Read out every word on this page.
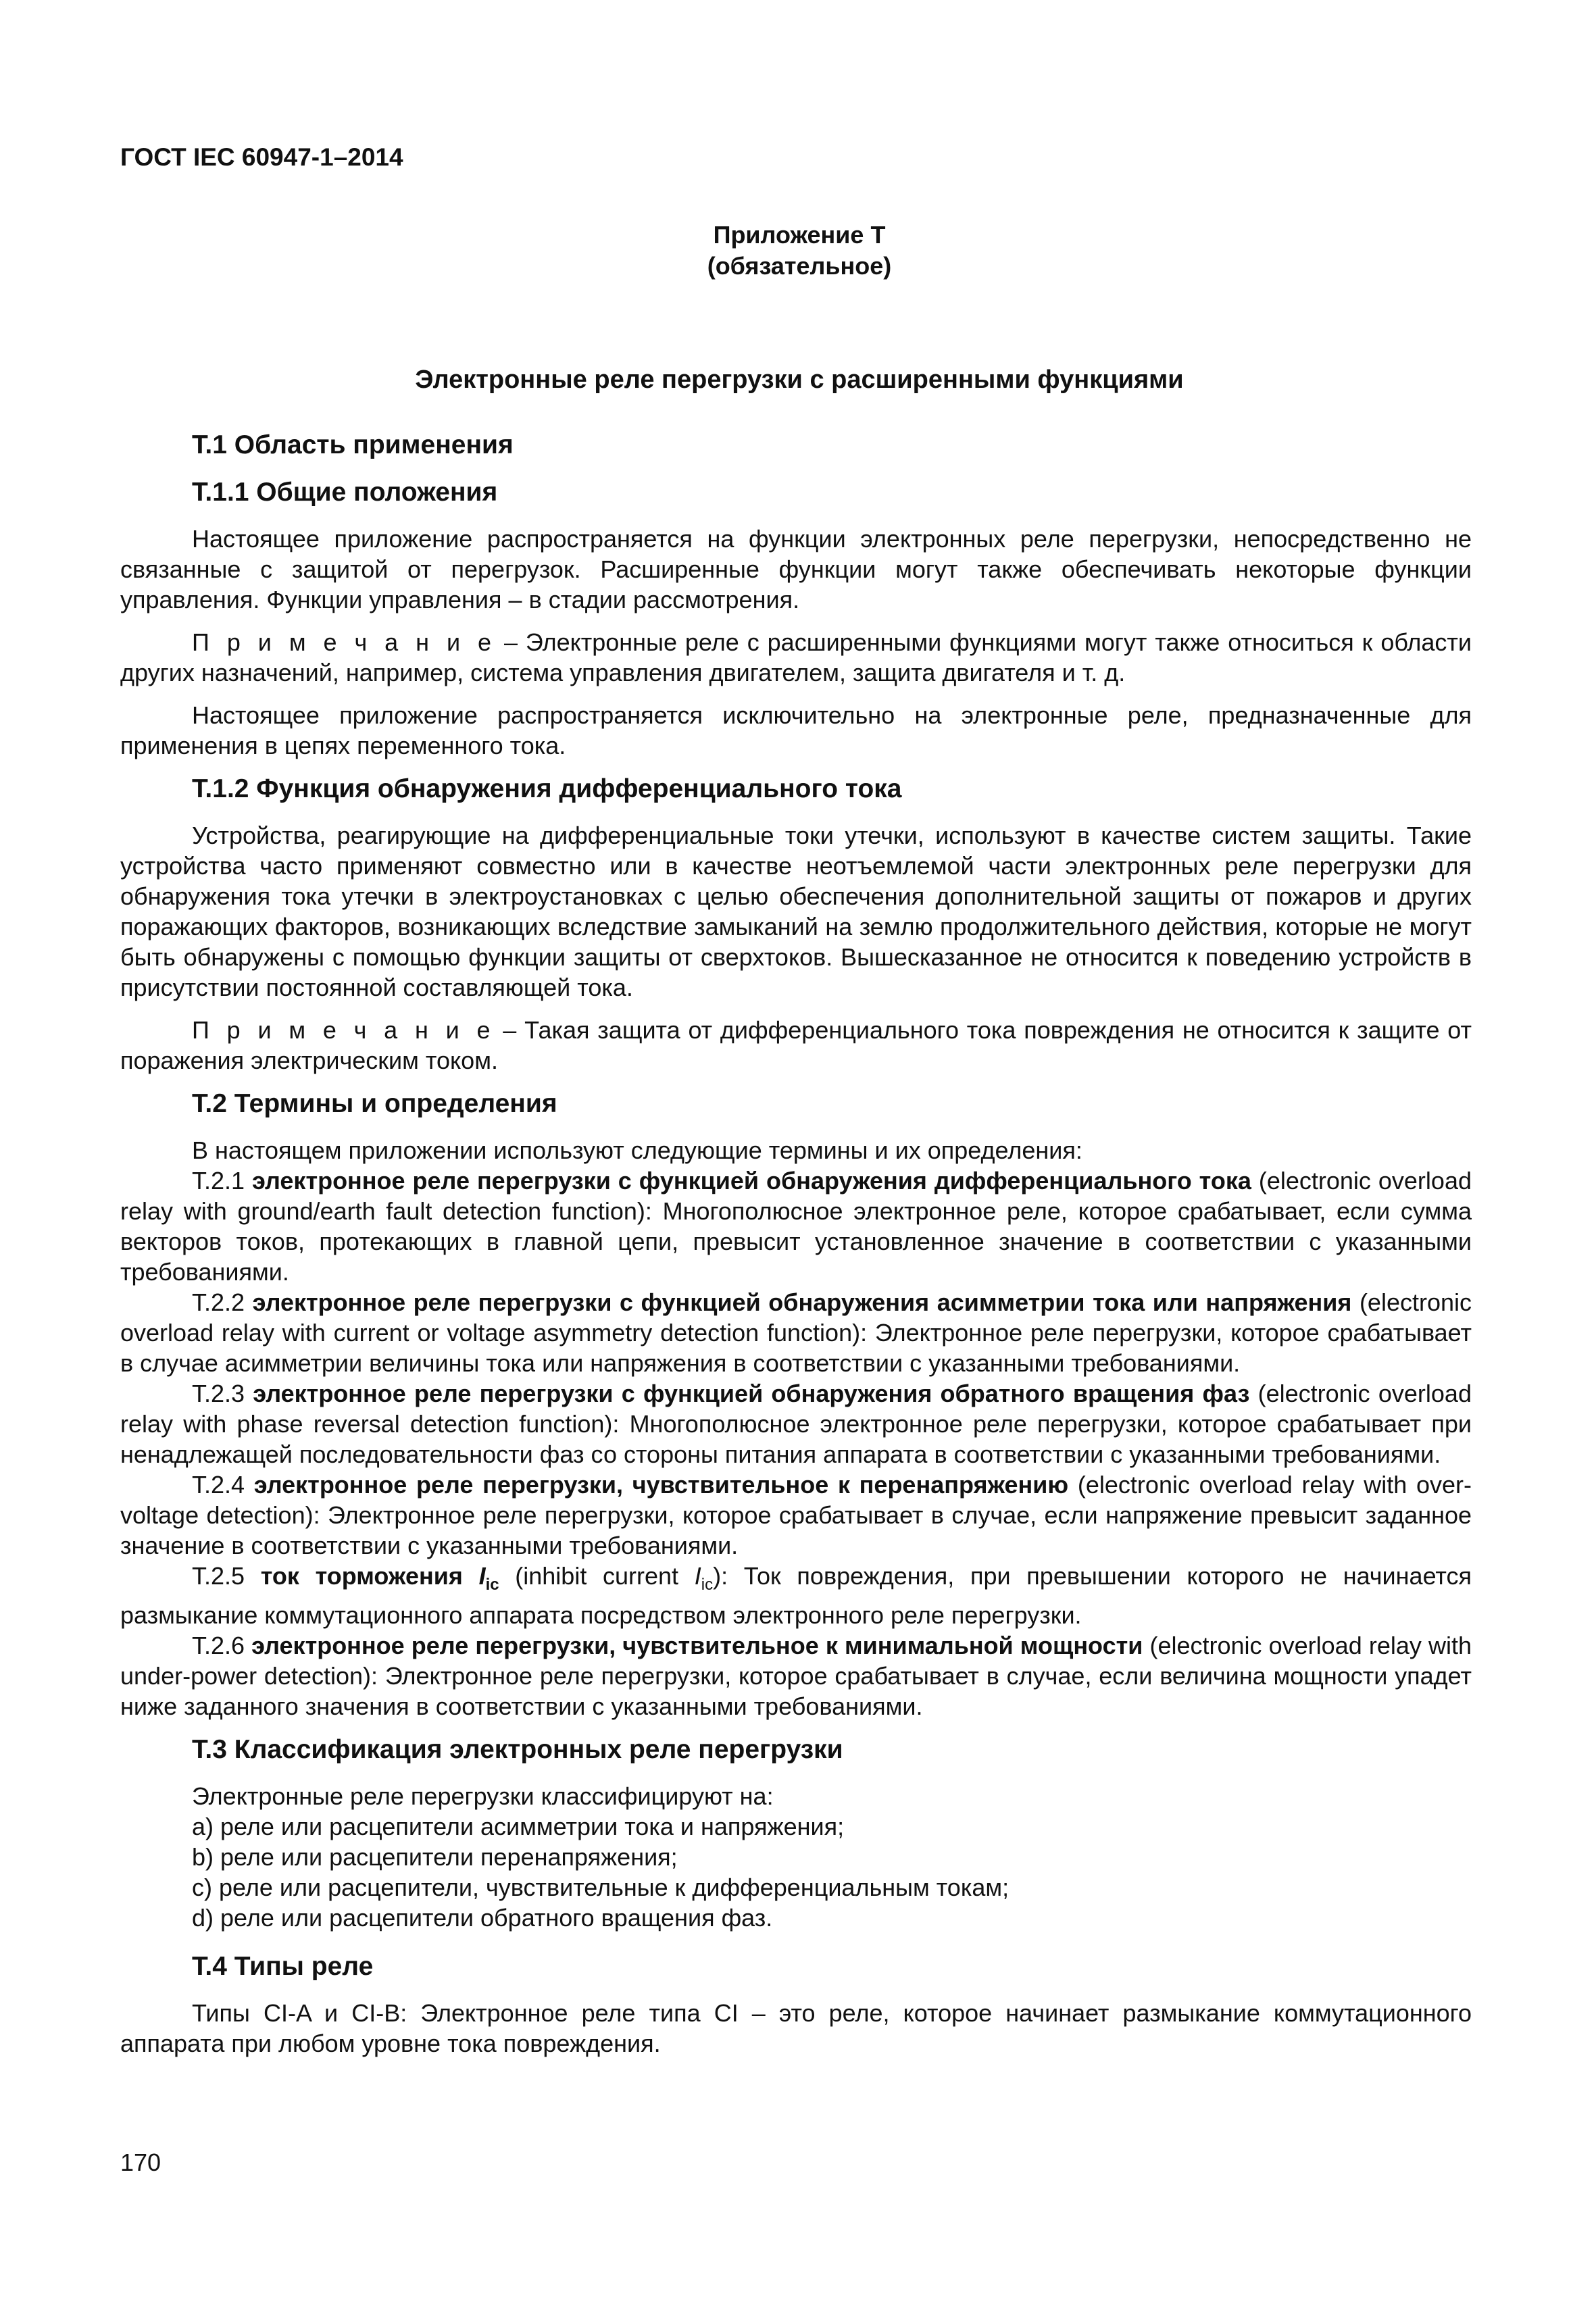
ГОСТ IEC 60947-1–2014
Приложение Т
(обязательное)
Электронные реле перегрузки с расширенными функциями
Т.1 Область применения
Т.1.1 Общие положения

Настоящее приложение распространяется на функции электронных реле перегрузки, непосредственно не связанные с защитой от перегрузок. Расширенные функции могут также обеспечивать некоторые функции управления. Функции управления – в стадии рассмотрения.

П р и м е ч а н и е – Электронные реле с расширенными функциями могут также относиться к области других назначений, например, система управления двигателем, защита двигателя и т. д.

Настоящее приложение распространяется исключительно на электронные реле, предназначенные для применения в цепях переменного тока.

Т.1.2 Функция обнаружения дифференциального тока

Устройства, реагирующие на дифференциальные токи утечки, используют в качестве систем защиты. Такие устройства часто применяют совместно или в качестве неотъемлемой части электронных реле перегрузки для обнаружения тока утечки в электроустановках с целью обеспечения дополнительной защиты от пожаров и других поражающих факторов, возникающих вследствие замыканий на землю продолжительного действия, которые не могут быть обнаружены с помощью функции защиты от сверхтоков. Вышесказанное не относится к поведению устройств в присутствии постоянной составляющей тока.

П р и м е ч а н и е – Такая защита от дифференциального тока повреждения не относится к защите от поражения электрическим током.

Т.2 Термины и определения

В настоящем приложении используют следующие термины и их определения:

Т.2.1 электронное реле перегрузки с функцией обнаружения дифференциального тока (electronic overload relay with ground/earth fault detection function): Многополюсное электронное реле, которое срабатывает, если сумма векторов токов, протекающих в главной цепи, превысит установленное значение в соответствии с указанными требованиями.

Т.2.2 электронное реле перегрузки с функцией обнаружения асимметрии тока или напряжения (electronic overload relay with current or voltage asymmetry detection function): Электронное реле перегрузки, которое срабатывает в случае асимметрии величины тока или напряжения в соответствии с указанными требованиями.

Т.2.3 электронное реле перегрузки с функцией обнаружения обратного вращения фаз (electronic overload relay with phase reversal detection function): Многополюсное электронное реле перегрузки, которое срабатывает при ненадлежащей последовательности фаз со стороны питания аппарата в соответствии с указанными требованиями.

Т.2.4 электронное реле перегрузки, чувствительное к перенапряжению (electronic overload relay with over-voltage detection): Электронное реле перегрузки, которое срабатывает в случае, если напряжение превысит заданное значение в соответствии с указанными требованиями.

Т.2.5 ток торможения $I_{ic}$ (inhibit current $I_{ic}$): Ток повреждения, при превышении которого не начинается размыкание коммутационного аппарата посредством электронного реле перегрузки.

Т.2.6 электронное реле перегрузки, чувствительное к минимальной мощности (electronic overload relay with under-power detection): Электронное реле перегрузки, которое срабатывает в случае, если величина мощности упадет ниже заданного значения в соответствии с указанными требованиями.

Т.3 Классификация электронных реле перегрузки
Электронные реле перегрузки классифицируют на:
a) реле или расцепители асимметрии тока и напряжения;
b) реле или расцепители перенапряжения;
c) реле или расцепители, чувствительные к дифференциальным токам;
d) реле или расцепители обратного вращения фаз.
Т.4 Типы реле

Типы CI-A и CI-B: Электронное реле типа CI – это реле, которое начинает размыкание коммутационного аппарата при любом уровне тока повреждения.

170
